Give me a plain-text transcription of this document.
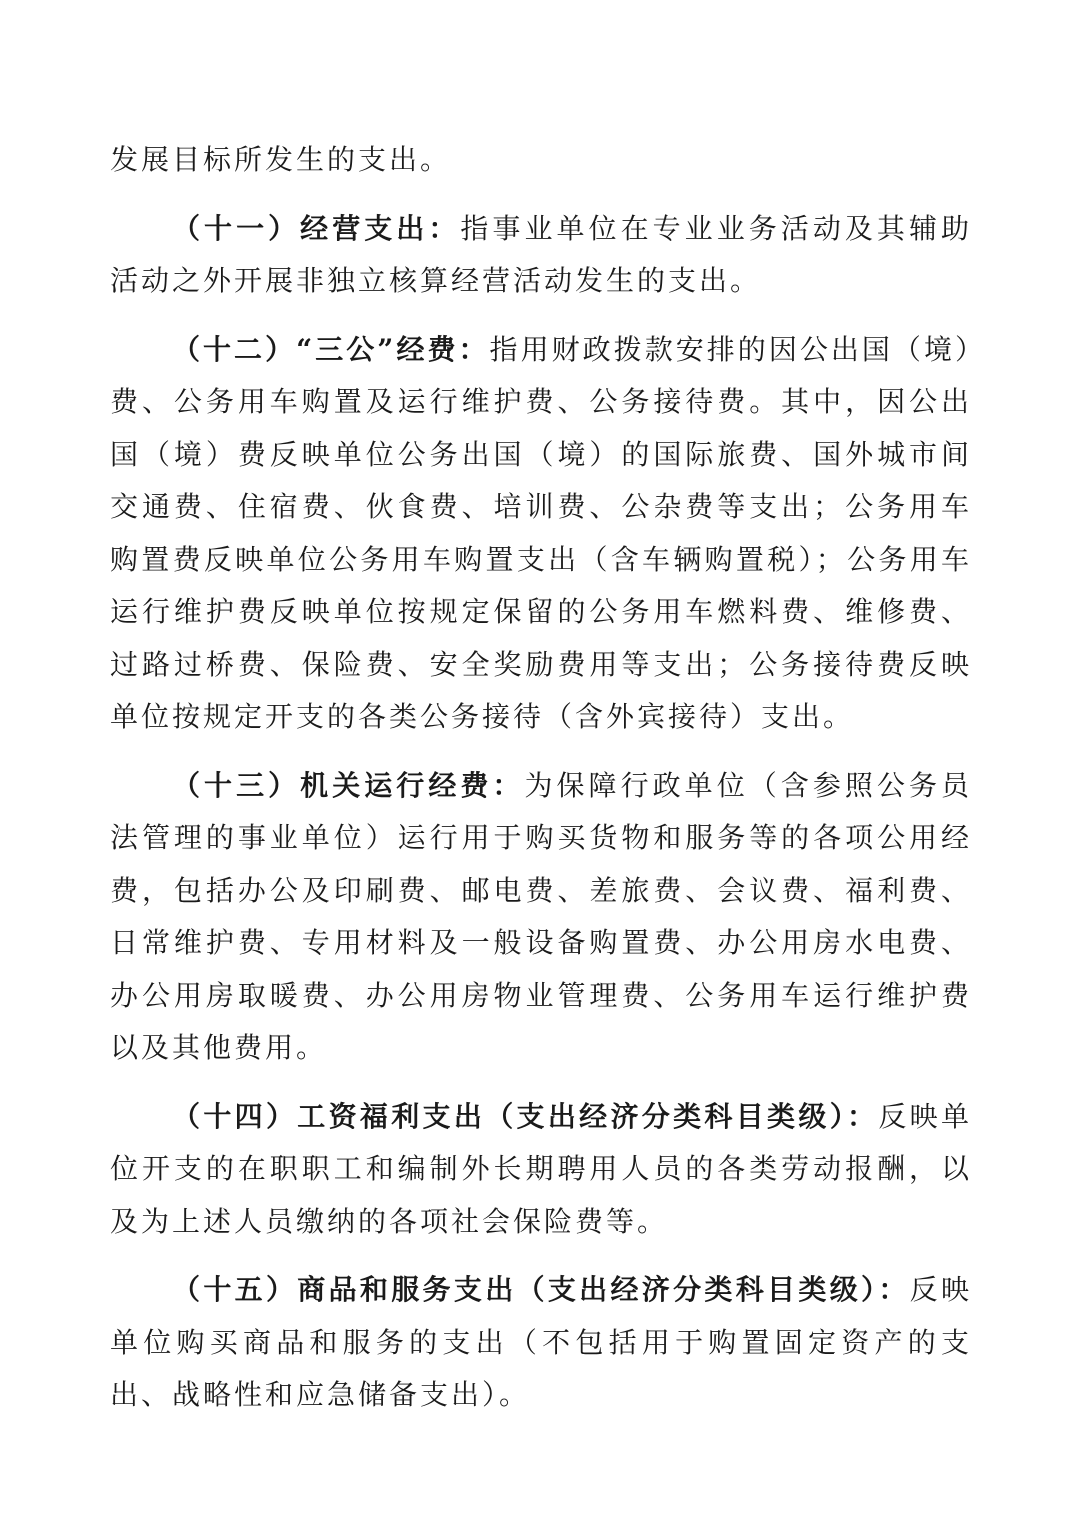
发展目标所发生的支出。

（十一）经营支出：指事业单位在专业业务活动及其辅助活动之外开展非独立核算经营活动发生的支出。

（十二）“三公”经费：指用财政拨款安排的因公出国（境）费、公务用车购置及运行维护费、公务接待费。其中，因公出国（境）费反映单位公务出国（境）的国际旅费、国外城市间交通费、住宿费、伙食费、培训费、公杂费等支出；公务用车购置费反映单位公务用车购置支出（含车辆购置税）；公务用车运行维护费反映单位按规定保留的公务用车燃料费、维修费、过路过桥费、保险费、安全奖励费用等支出；公务接待费反映单位按规定开支的各类公务接待（含外宾接待）支出。

（十三）机关运行经费：为保障行政单位（含参照公务员法管理的事业单位）运行用于购买货物和服务等的各项公用经费，包括办公及印刷费、邮电费、差旅费、会议费、福利费、日常维护费、专用材料及一般设备购置费、办公用房水电费、办公用房取暖费、办公用房物业管理费、公务用车运行维护费以及其他费用。

（十四）工资福利支出（支出经济分类科目类级）：反映单位开支的在职职工和编制外长期聘用人员的各类劳动报酬，以及为上述人员缴纳的各项社会保险费等。

（十五）商品和服务支出（支出经济分类科目类级）：反映单位购买商品和服务的支出（不包括用于购置固定资产的支出、战略性和应急储备支出）。
